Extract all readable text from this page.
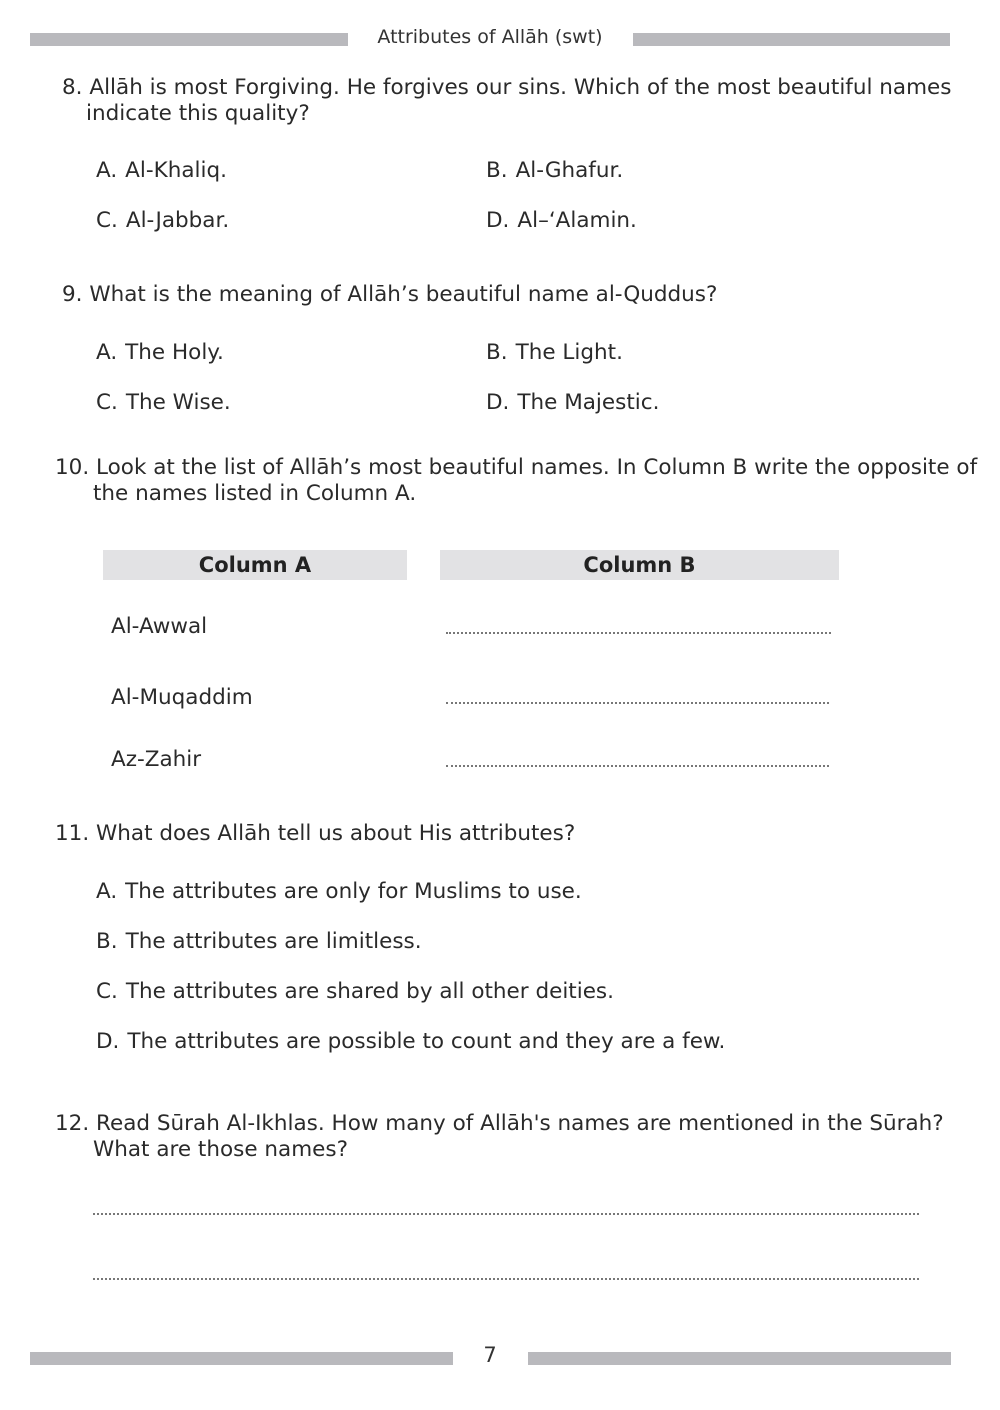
Attributes of Allāh (swt)
8. Allāh is most Forgiving. He forgives our sins. Which of the most beautiful names
indicate this quality?
A. Al-Khaliq.	B. Al-Ghafur.
C. Al-Jabbar.	D. Al–‘Alamin.
9. What is the meaning of Allāh’s beautiful name al-Quddus?
A. The Holy.	B. The Light.
C. The Wise.	D. The Majestic.
10. Look at the list of Allāh’s most beautiful names. In Column B write the opposite of
the names listed in Column A.
Column A	Column B
Al-Awwal
Al-Muqaddim
Az-Zahir
11. What does Allāh tell us about His attributes?
A. The attributes are only for Muslims to use.
B. The attributes are limitless.
C. The attributes are shared by all other deities.
D. The attributes are possible to count and they are a few.
12. Read Sūrah Al-Ikhlas. How many of Allāh's names are mentioned in the Sūrah?
What are those names?
7
